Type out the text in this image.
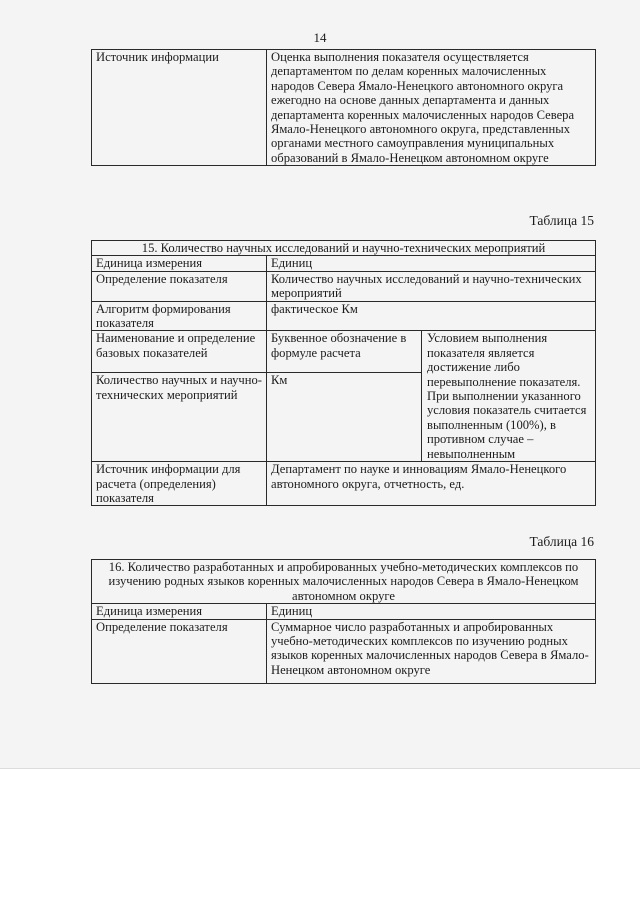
14
Источник информации	Оценка выполнения показателя осуществляется департаментом по делам коренных малочисленных народов Севера Ямало-Ненецкого автономного округа ежегодно на основе данных департамента и данных департамента коренных малочисленных народов Севера Ямало-Ненецкого автономного округа, представленных органами местного самоуправления муниципальных образований в Ямало-Ненецком автономном округе
Таблица 15
15. Количество научных исследований и научно-технических мероприятий		
Единица измерения	Единиц	
Определение показателя	Количество научных исследований и научно-технических мероприятий	
Алгоритм формирования показателя	фактическое Км	
Наименование и определение базовых показателей	Буквенное обозначение в формуле расчета	Условием выполнения показателя является достижение либо перевыполнение показателя. При выполнении указанного условия показатель считается выполненным (100%), в противном случае – невыполненным
Количество научных и научно-технических мероприятий	Км	
Источник информации для расчета (определения) показателя	Департамент по науке и инновациям Ямало-Ненецкого автономного округа, отчетность, ед.	
Таблица 16
16. Количество разработанных и апробированных учебно-методических комплексов по изучению родных языков коренных малочисленных народов Севера в Ямало-Ненецком автономном округе	
Единица измерения	Единиц
Определение показателя	Суммарное число разработанных и апробированных учебно-методических комплексов по изучению родных языков коренных малочисленных народов Севера в Ямало-Ненецком автономном округе
